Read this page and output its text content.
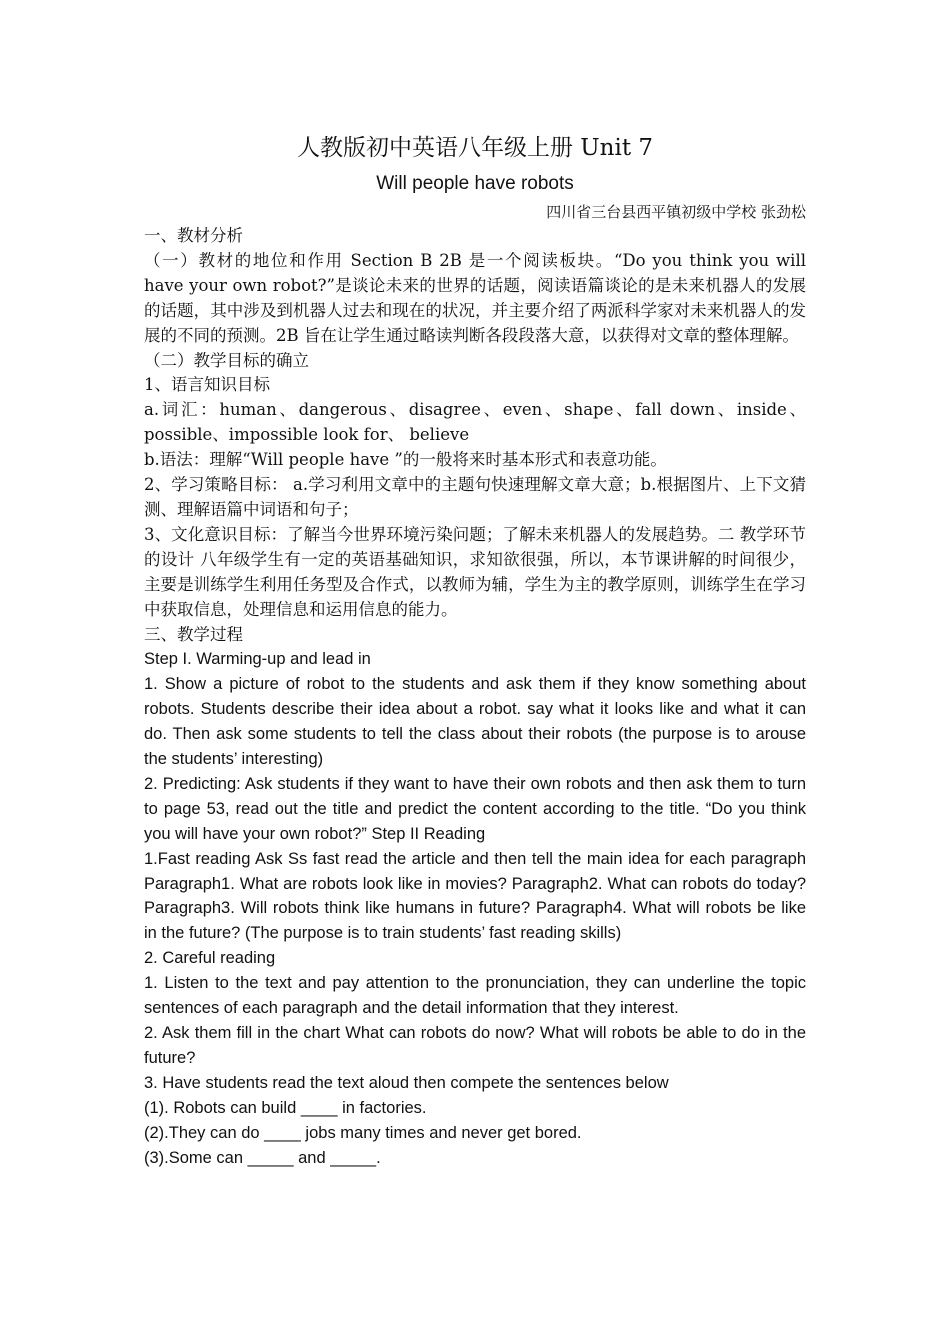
人教版初中英语八年级上册 Unit 7

Will people have robots

四川省三台县西平镇初级中学校 张劲松

一、教材分析

（一）教材的地位和作用 Section B 2B 是一个阅读板块。“Do you think you will have your own robot?”是谈论未来的世界的话题，阅读语篇谈论的是未来机器人的发展的话题，其中涉及到机器人过去和现在的状况，并主要介绍了两派科学家对未来机器人的发展的不同的预测。2B 旨在让学生通过略读判断各段段落大意，以获得对文章的整体理解。

（二）教学目标的确立

1、语言知识目标

a.词汇：human、dangerous、disagree、even、shape、fall down、inside、possible、impossible look for、 believe

b.语法：理解“Will people have ”的一般将来时基本形式和表意功能。

2、学习策略目标： a.学习利用文章中的主题句快速理解文章大意；b.根据图片、上下文猜测、理解语篇中词语和句子；

3、文化意识目标：了解当今世界环境污染问题；了解未来机器人的发展趋势。二 教学环节的设计 八年级学生有一定的英语基础知识，求知欲很强，所以，本节课讲解的时间很少，主要是训练学生利用任务型及合作式，以教师为辅，学生为主的教学原则，训练学生在学习中获取信息，处理信息和运用信息的能力。

三、教学过程

Step I. Warming-up and lead in

1. Show a picture of robot to the students and ask them if they know something about robots. Students describe their idea about a robot. say what it looks like and what it can do. Then ask some students to tell the class about their robots (the purpose is to arouse the students’ interesting)

2. Predicting: Ask students if they want to have their own robots and then ask them to turn to page 53, read out the title and predict the content according to the title. “Do you think you will have your own robot?” Step II Reading

1.Fast reading Ask Ss fast read the article and then tell the main idea for each paragraph Paragraph1. What are robots look like in movies? Paragraph2. What can robots do today? Paragraph3. Will robots think like humans in future? Paragraph4. What will robots be like in the future? (The purpose is to train students’ fast reading skills)

2. Careful reading

1. Listen to the text and pay attention to the pronunciation, they can underline the topic sentences of each paragraph and the detail information that they interest.

2. Ask them fill in the chart What can robots do now? What will robots be able to do in the future?

3. Have students read the text aloud then compete the sentences below

(1). Robots can build ____ in factories.

(2).They can do ____ jobs many times and never get bored.

(3).Some can _____ and _____.
